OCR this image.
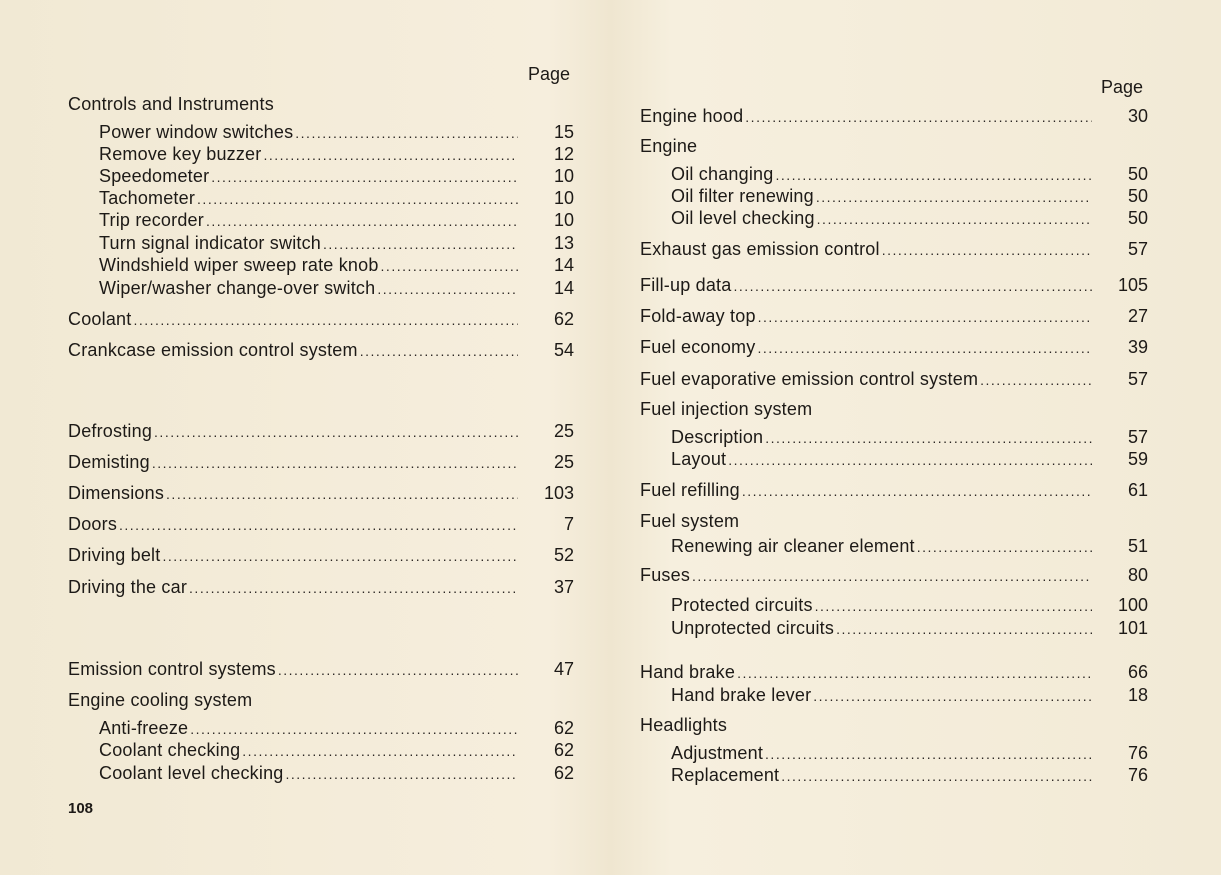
Page
Controls and Instruments
Power window switches .....	15
Remove key buzzer .....	12
Speedometer .....	10
Tachometer .....	10
Trip recorder .....	10
Turn signal indicator switch .....	13
Windshield wiper sweep rate knob .....	14
Wiper/washer change-over switch .....	14
Coolant .....	62
Crankcase emission control system .....	54
Defrosting .....	25
Demisting .....	25
Dimensions .....	103
Doors .....	7
Driving belt .....	52
Driving the car .....	37
Emission control systems .....	47
Engine cooling system
Anti-freeze .....	62
Coolant checking .....	62
Coolant level checking .....	62
Page
Engine hood .....	30
Engine
Oil changing .....	50
Oil filter renewing .....	50
Oil level checking .....	50
Exhaust gas emission control .....	57
Fill-up data .....	105
Fold-away top .....	27
Fuel economy .....	39
Fuel evaporative emission control system .....	57
Fuel injection system
Description .....	57
Layout .....	59
Fuel refilling .....	61
Fuel system
Renewing air cleaner element .....	51
Fuses .....	80
Protected circuits .....	100
Unprotected circuits .....	101
Hand brake .....	66
Hand brake lever .....	18
Headlights
Adjustment .....	76
Replacement .....	76
108
